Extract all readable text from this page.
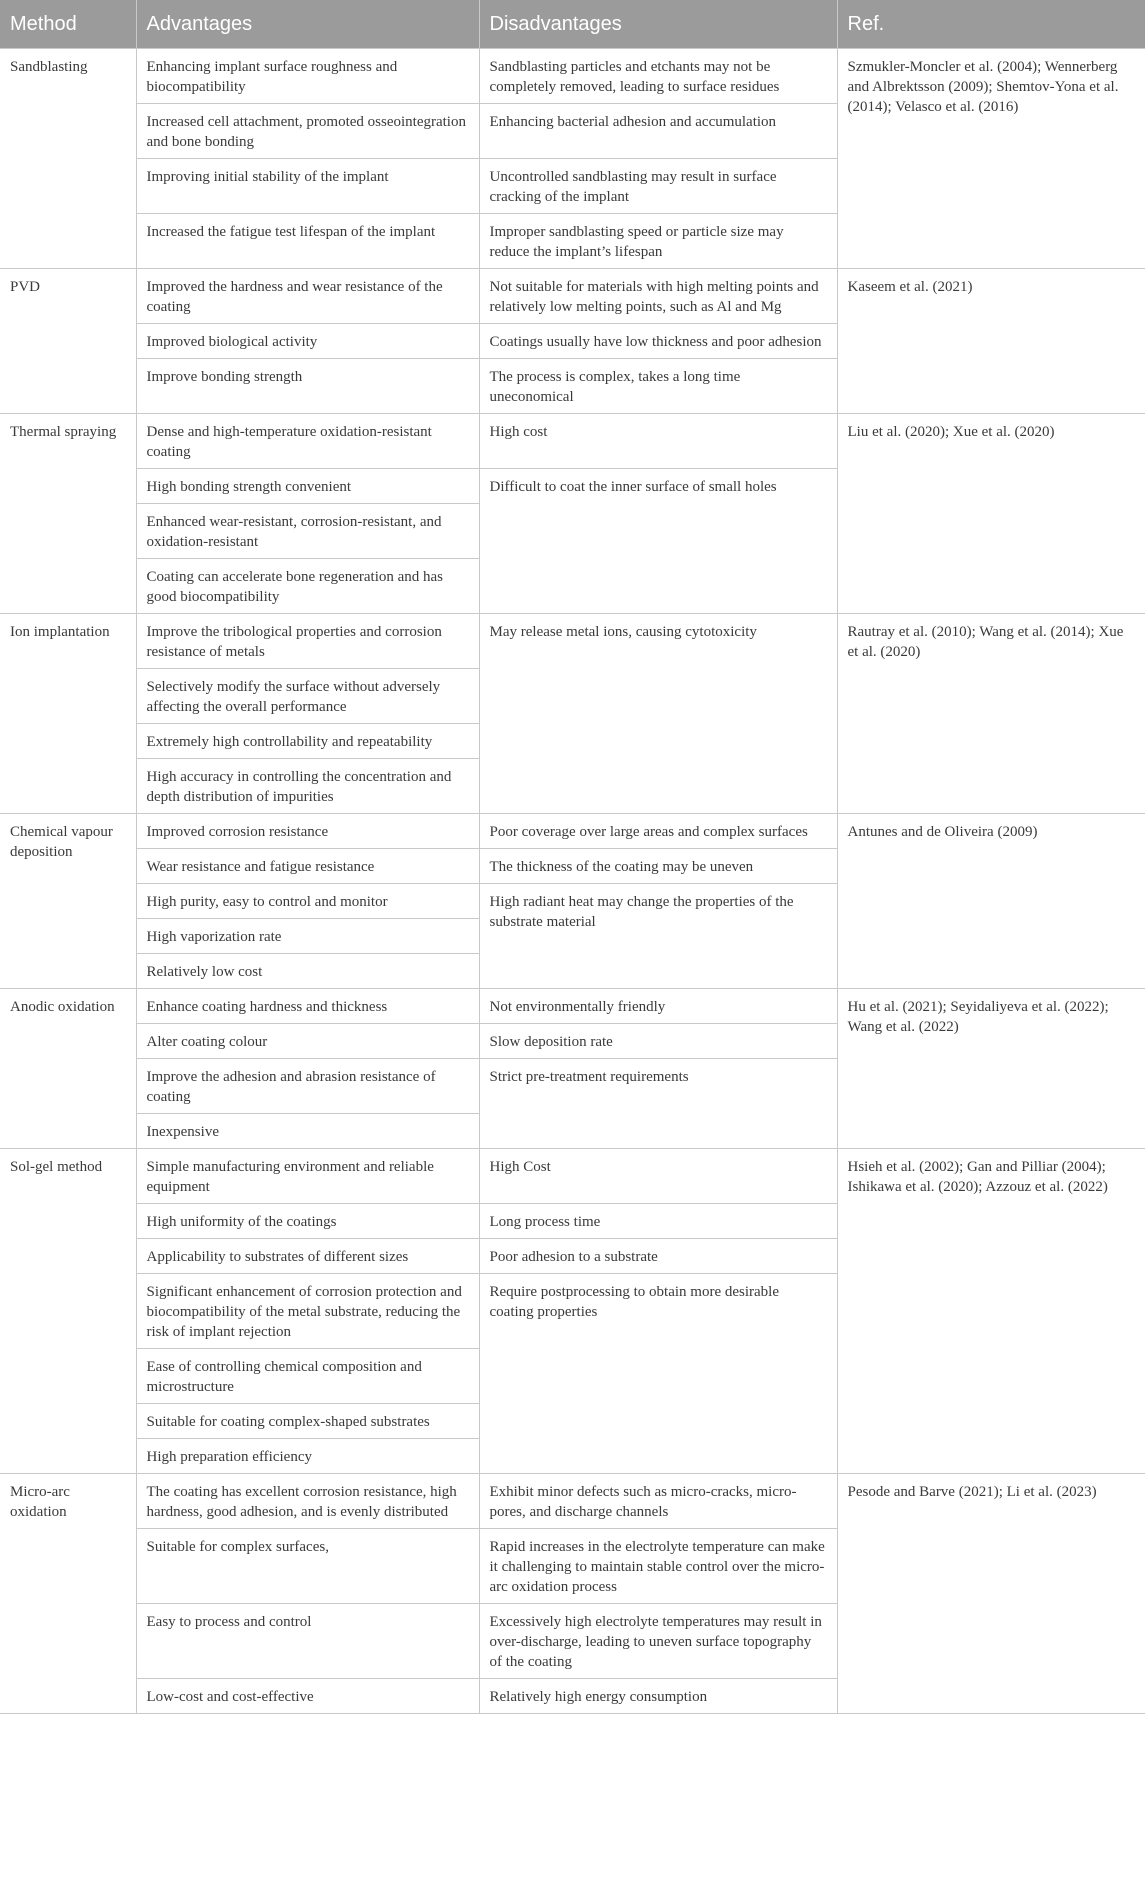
Method	Advantages	Disadvantages	Ref.
Sandblasting	Enhancing implant surface roughness and biocompatibility	Sandblasting particles and etchants may not be completely removed, leading to surface residues	Szmukler-Moncler et al. (2004); Wennerberg and Albrektsson (2009); Shemtov-Yona et al. (2014); Velasco et al. (2016)
	Increased cell attachment, promoted osseointegration and bone bonding	Enhancing bacterial adhesion and accumulation	
	Improving initial stability of the implant	Uncontrolled sandblasting may result in surface cracking of the implant	
	Increased the fatigue test lifespan of the implant	Improper sandblasting speed or particle size may reduce the implant’s lifespan	
PVD	Improved the hardness and wear resistance of the coating	Not suitable for materials with high melting points and relatively low melting points, such as Al and Mg	Kaseem et al. (2021)
	Improved biological activity	Coatings usually have low thickness and poor adhesion	
	Improve bonding strength	The process is complex, takes a long time uneconomical	
Thermal spraying	Dense and high-temperature oxidation-resistant coating	High cost	Liu et al. (2020); Xue et al. (2020)
	High bonding strength convenient	Difficult to coat the inner surface of small holes	
	Enhanced wear-resistant, corrosion-resistant, and oxidation-resistant		
	Coating can accelerate bone regeneration and has good biocompatibility		
Ion implantation	Improve the tribological properties and corrosion resistance of metals	May release metal ions, causing cytotoxicity	Rautray et al. (2010); Wang et al. (2014); Xue et al. (2020)
	Selectively modify the surface without adversely affecting the overall performance		
	Extremely high controllability and repeatability		
	High accuracy in controlling the concentration and depth distribution of impurities		
Chemical vapour deposition	Improved corrosion resistance	Poor coverage over large areas and complex surfaces	Antunes and de Oliveira (2009)
	Wear resistance and fatigue resistance	The thickness of the coating may be uneven	
	High purity, easy to control and monitor	High radiant heat may change the properties of the substrate material	
	High vaporization rate		
	Relatively low cost		
Anodic oxidation	Enhance coating hardness and thickness	Not environmentally friendly	Hu et al. (2021); Seyidaliyeva et al. (2022); Wang et al. (2022)
	Alter coating colour	Slow deposition rate	
	Improve the adhesion and abrasion resistance of coating	Strict pre-treatment requirements	
	Inexpensive		
Sol-gel method	Simple manufacturing environment and reliable equipment	High Cost	Hsieh et al. (2002); Gan and Pilliar (2004); Ishikawa et al. (2020); Azzouz et al. (2022)
	High uniformity of the coatings	Long process time	
	Applicability to substrates of different sizes	Poor adhesion to a substrate	
	Significant enhancement of corrosion protection and biocompatibility of the metal substrate, reducing the risk of implant rejection	Require postprocessing to obtain more desirable coating properties	
	Ease of controlling chemical composition and microstructure		
	Suitable for coating complex-shaped substrates		
	High preparation efficiency		
Micro-arc oxidation	The coating has excellent corrosion resistance, high hardness, good adhesion, and is evenly distributed	Exhibit minor defects such as micro-cracks, micro-pores, and discharge channels	Pesode and Barve (2021); Li et al. (2023)
	Suitable for complex surfaces,	Rapid increases in the electrolyte temperature can make it challenging to maintain stable control over the micro-arc oxidation process	
	Easy to process and control	Excessively high electrolyte temperatures may result in over-discharge, leading to uneven surface topography of the coating	
	Low-cost and cost-effective	Relatively high energy consumption	
